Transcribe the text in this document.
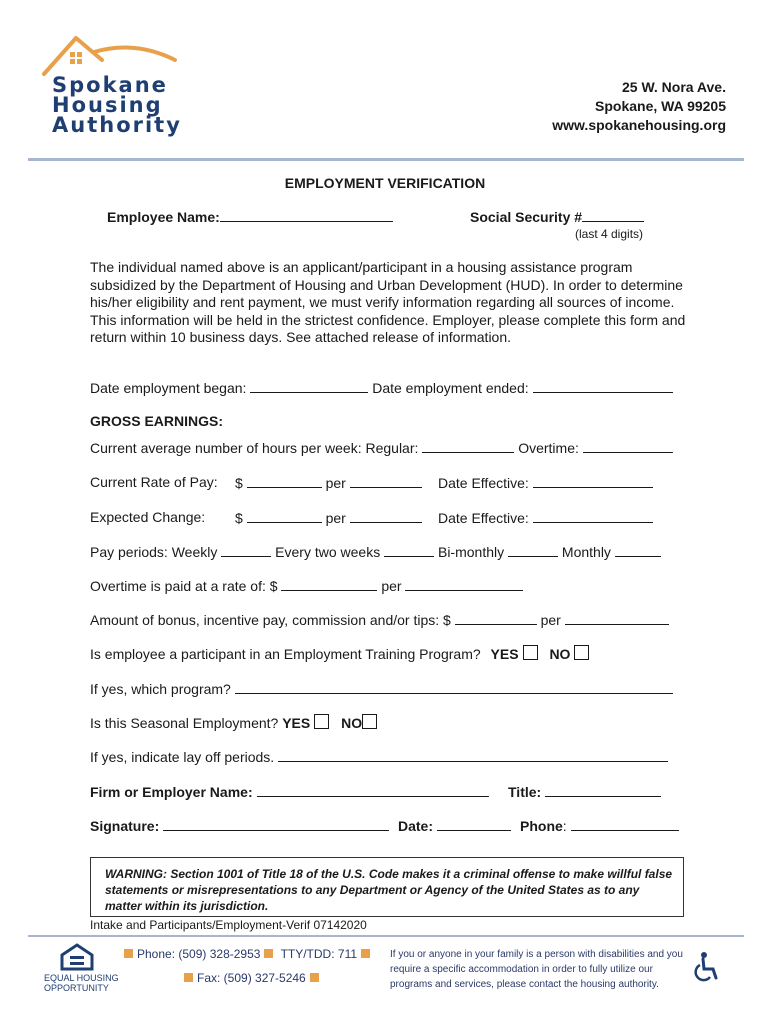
Spokane
Housing
Authority
25 W. Nora Ave.
Spokane, WA 99205
www.spokanehousing.org
EMPLOYMENT VERIFICATION
Employee Name:	Social Security #
(last 4 digits)
The individual named above is an applicant/participant in a housing assistance program subsidized by the Department of Housing and Urban Development (HUD). In order to determine his/her eligibility and rent payment, we must verify information regarding all sources of income. This information will be held in the strictest confidence. Employer, please complete this form and return within 10 business days. See attached release of information.
Date employment began:	Date employment ended:
GROSS EARNINGS:
Current average number of hours per week: Regular:	Overtime:
Current Rate of Pay: $	per	Date Effective:
Expected Change: $	per	Date Effective:
Pay periods: Weekly	Every two weeks	Bi-monthly	Monthly
Overtime is paid at a rate of: $	per
Amount of bonus, incentive pay, commission and/or tips: $	per
Is employee a participant in an Employment Training Program? YES NO
If yes, which program?
Is this Seasonal Employment? YES NO
If yes, indicate lay off periods.
Firm or Employer Name:	Title:
Signature:	Date:	Phone:
WARNING: Section 1001 of Title 18 of the U.S. Code makes it a criminal offense to make willful false statements or misrepresentations to any Department or Agency of the United States as to any matter within its jurisdiction.
Intake and Participants/Employment-Verif 07142020
EQUAL HOUSING
OPPORTUNITY
Phone: (509) 328-2953 TTY/TDD: 711
Fax: (509) 327-5246
If you or anyone in your family is a person with disabilities and you require a specific accommodation in order to fully utilize our programs and services, please contact the housing authority.
